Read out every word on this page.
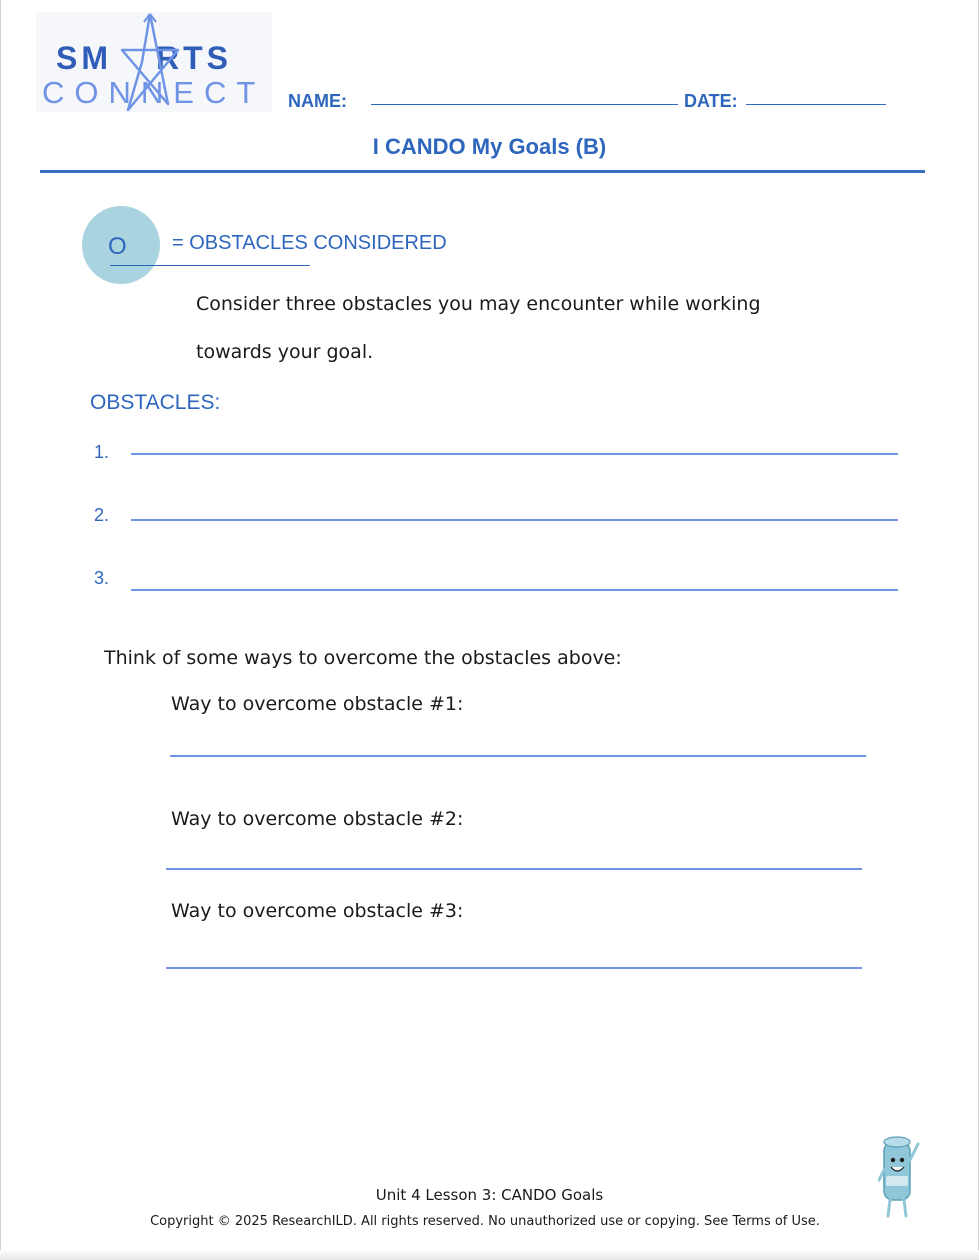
SM RTS
CONNECT NAME:	DATE:
I CANDO My Goals (B)
O = OBSTACLES CONSIDERED
Consider three obstacles you may encounter while working
towards your goal.
OBSTACLES:
1.
2.
3.
Think of some ways to overcome the obstacles above:
Way to overcome obstacle #1:
Way to overcome obstacle #2:
Way to overcome obstacle #3:
Unit 4 Lesson 3: CANDO Goals
Copyright © 2025 ResearchILD. All rights reserved. No unauthorized use or copying. See Terms of Use.
